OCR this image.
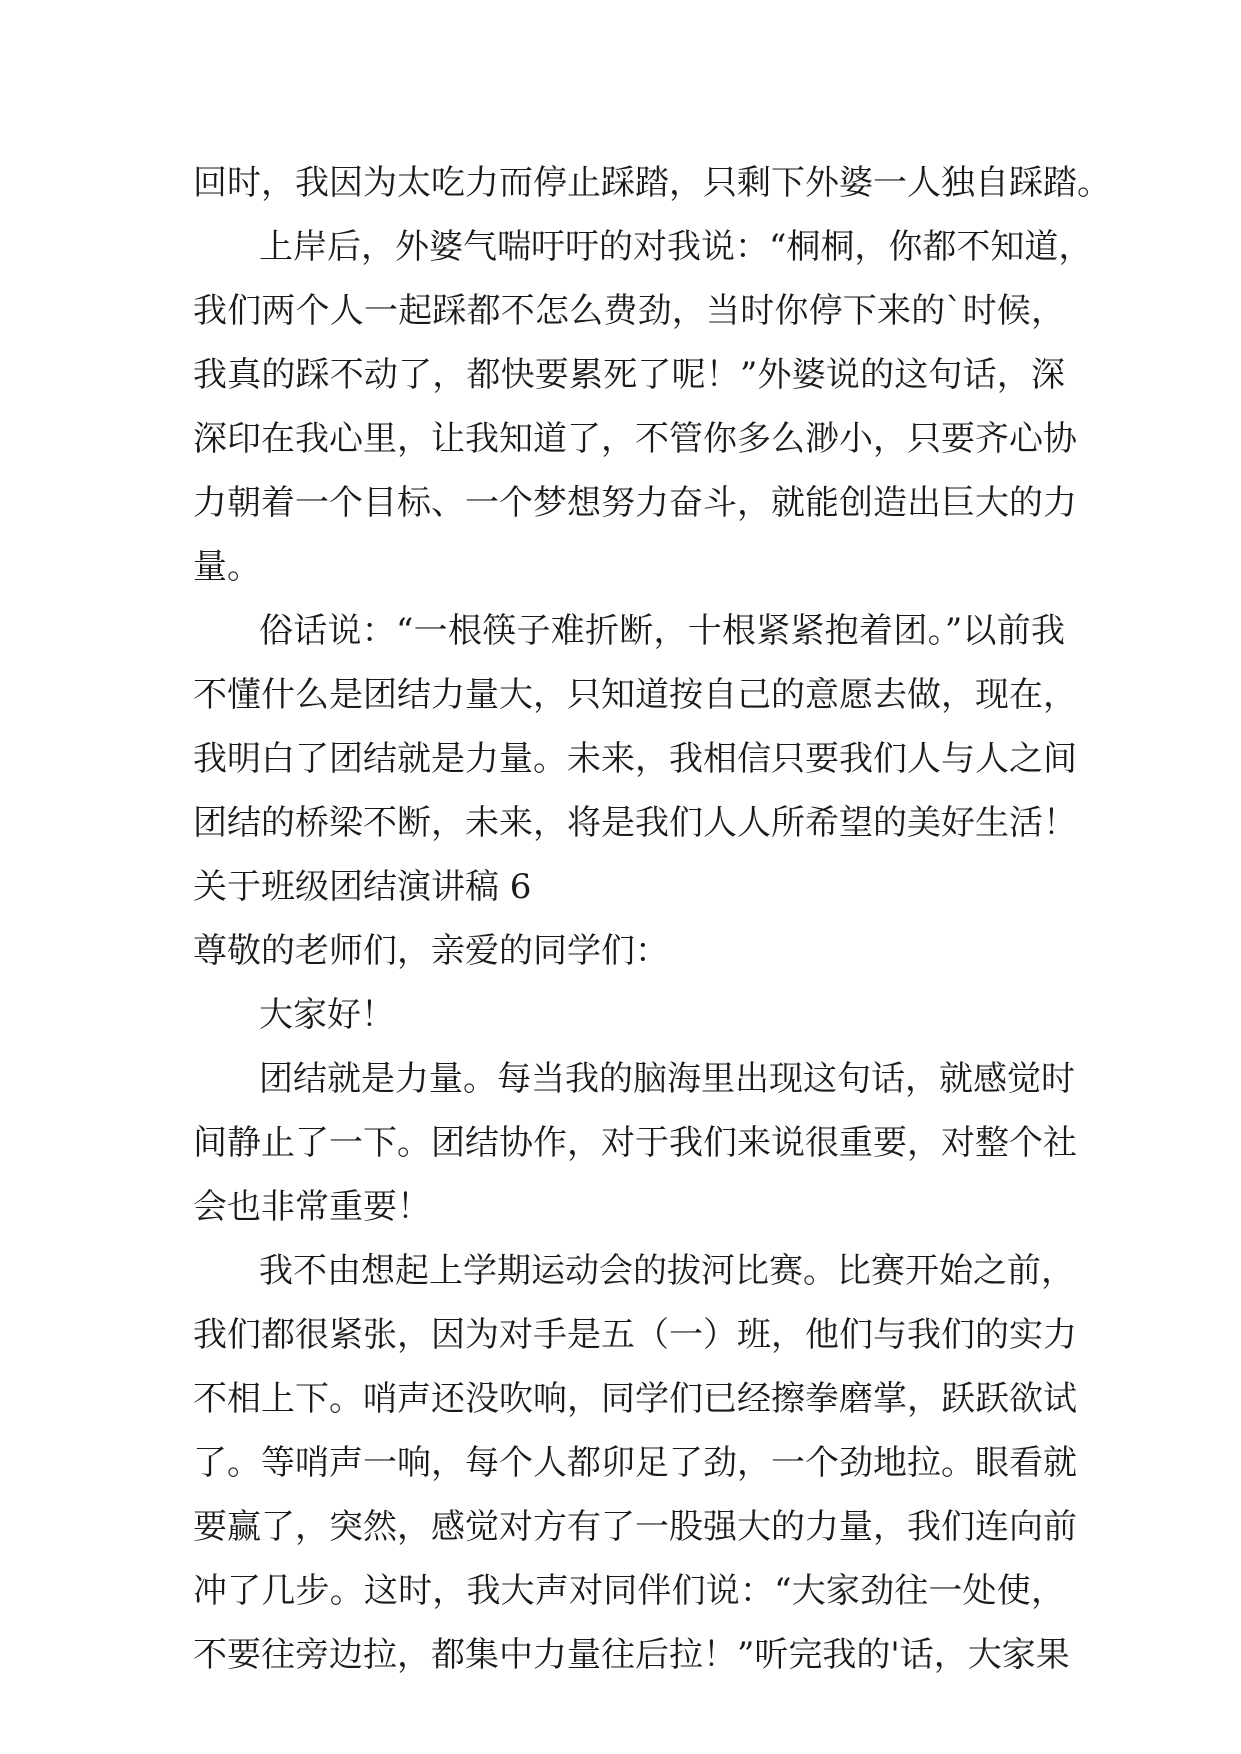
回时，我因为太吃力而停止踩踏，只剩下外婆一人独自踩踏。
上岸后，外婆气喘吁吁的对我说：“桐桐，你都不知道，
我们两个人一起踩都不怎么费劲，当时你停下来的`时候，
我真的踩不动了，都快要累死了呢！”外婆说的这句话，深
深印在我心里，让我知道了，不管你多么渺小，只要齐心协
力朝着一个目标、一个梦想努力奋斗，就能创造出巨大的力
量。
俗话说：“一根筷子难折断，十根紧紧抱着团。”以前我
不懂什么是团结力量大，只知道按自己的意愿去做，现在，
我明白了团结就是力量。未来，我相信只要我们人与人之间
团结的桥梁不断，未来，将是我们人人所希望的美好生活！
关于班级团结演讲稿 6
尊敬的老师们，亲爱的同学们：
大家好！
团结就是力量。每当我的脑海里出现这句话，就感觉时
间静止了一下。团结协作，对于我们来说很重要，对整个社
会也非常重要！
我不由想起上学期运动会的拔河比赛。比赛开始之前，
我们都很紧张，因为对手是五（一）班，他们与我们的实力
不相上下。哨声还没吹响，同学们已经擦拳磨掌，跃跃欲试
了。等哨声一响，每个人都卯足了劲，一个劲地拉。眼看就
要赢了，突然，感觉对方有了一股强大的力量，我们连向前
冲了几步。这时，我大声对同伴们说：“大家劲往一处使，
不要往旁边拉，都集中力量往后拉！”听完我的'话，大家果
